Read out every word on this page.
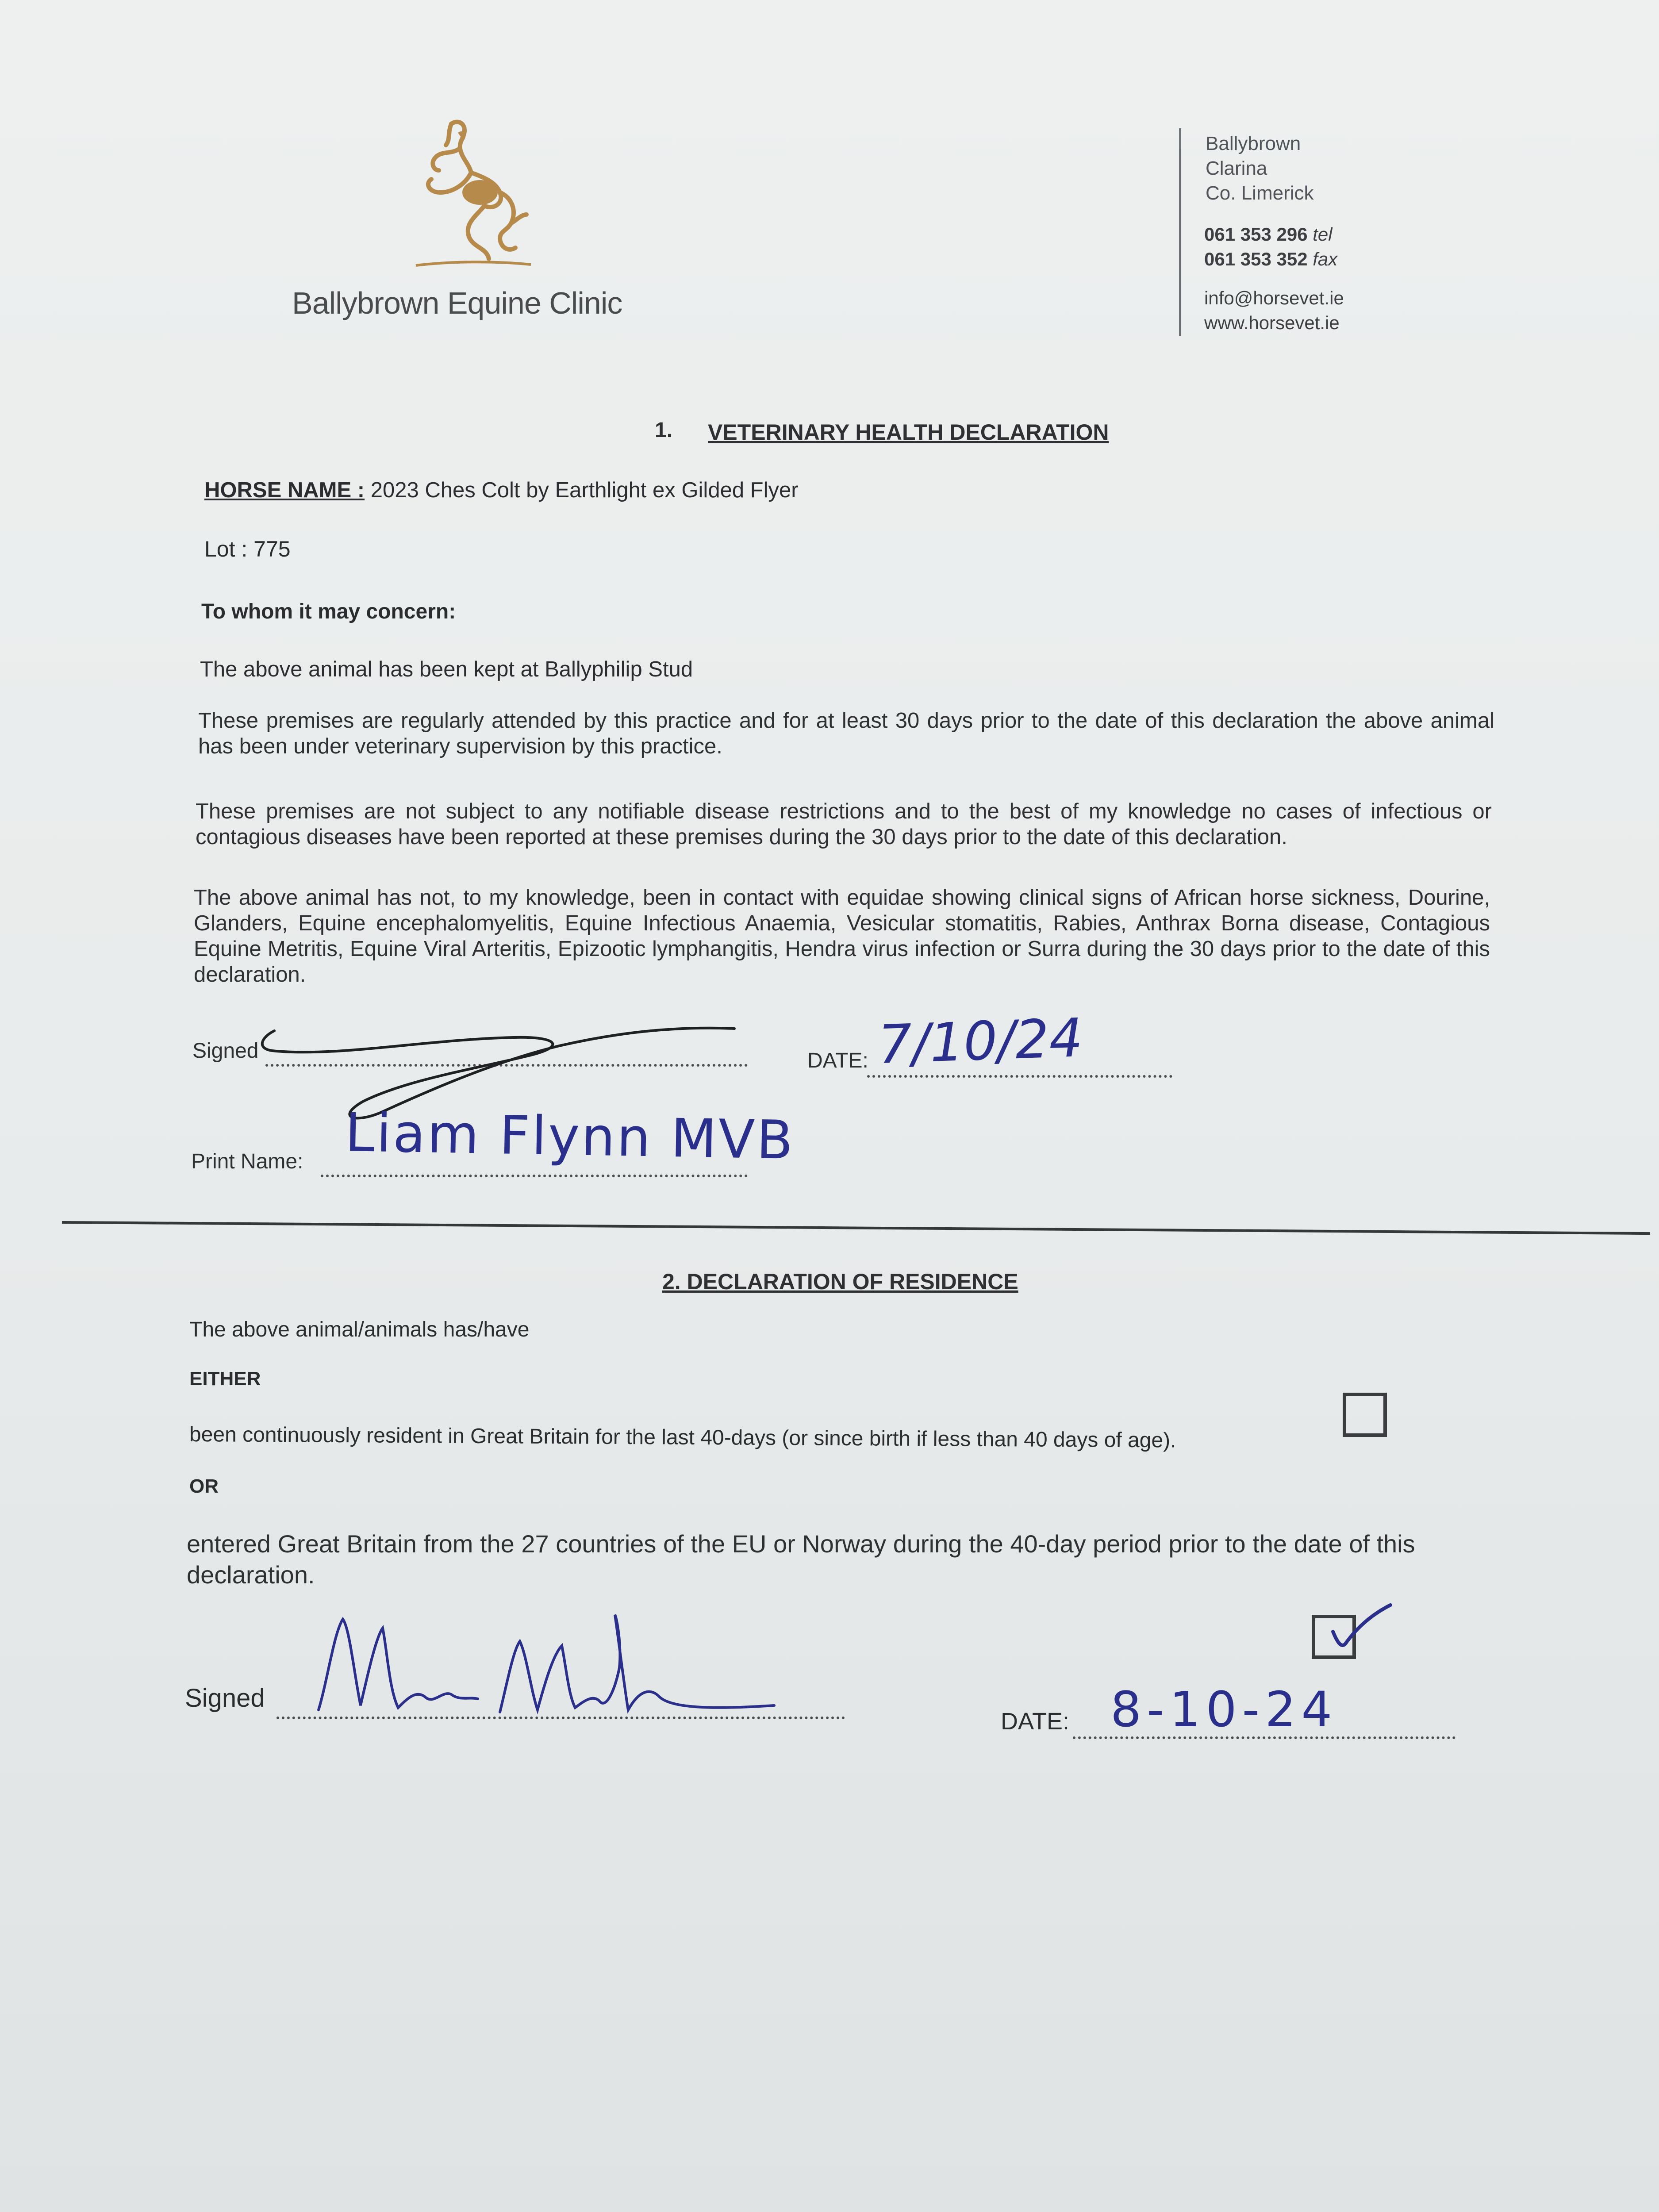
Ballybrown Equine Clinic
Ballybrown
Clarina
Co. Limerick
061 353 296 tel
061 353 352 fax
info@horsevet.ie
www.horsevet.ie
1. VETERINARY HEALTH DECLARATION
HORSE NAME : 2023 Ches Colt by Earthlight ex Gilded Flyer
Lot : 775
To whom it may concern:
The above animal has been kept at Ballyphilip Stud
These premises are regularly attended by this practice and for at least 30 days prior to the date of this declaration the above animal has been under veterinary supervision by this practice.
These premises are not subject to any notifiable disease restrictions and to the best of my knowledge no cases of infectious or contagious diseases have been reported at these premises during the 30 days prior to the date of this declaration.
The above animal has not, to my knowledge, been in contact with equidae showing clinical signs of African horse sickness, Dourine, Glanders, Equine encephalomyelitis, Equine Infectious Anaemia, Vesicular stomatitis, Rabies, Anthrax Borna disease, Contagious Equine Metritis, Equine Viral Arteritis, Epizootic lymphangitis, Hendra virus infection or Surra during the 30 days prior to the date of this declaration.
Signed	DATE: 7/10/24
Print Name: Liam Flynn MVB
2. DECLARATION OF RESIDENCE
The above animal/animals has/have
EITHER
been continuously resident in Great Britain for the last 40-days (or since birth if less than 40 days of age).
OR
entered Great Britain from the 27 countries of the EU or Norway during the 40-day period prior to the date of this declaration.
Signed
DATE: 8-10-24
